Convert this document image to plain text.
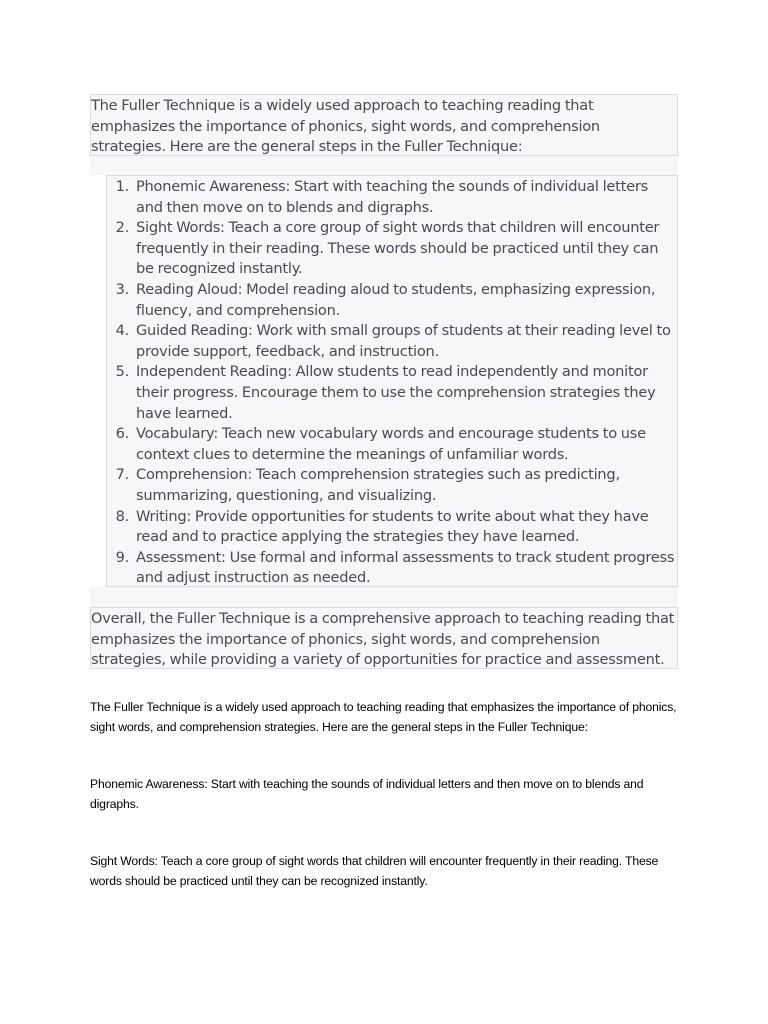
The Fuller Technique is a widely used approach to teaching reading that emphasizes the importance of phonics, sight words, and comprehension strategies. Here are the general steps in the Fuller Technique:

1. Phonemic Awareness: Start with teaching the sounds of individual letters and then move on to blends and digraphs.
2. Sight Words: Teach a core group of sight words that children will encounter frequently in their reading. These words should be practiced until they can be recognized instantly.
3. Reading Aloud: Model reading aloud to students, emphasizing expression, fluency, and comprehension.
4. Guided Reading: Work with small groups of students at their reading level to provide support, feedback, and instruction.
5. Independent Reading: Allow students to read independently and monitor their progress. Encourage them to use the comprehension strategies they have learned.
6. Vocabulary: Teach new vocabulary words and encourage students to use context clues to determine the meanings of unfamiliar words.
7. Comprehension: Teach comprehension strategies such as predicting, summarizing, questioning, and visualizing.
8. Writing: Provide opportunities for students to write about what they have read and to practice applying the strategies they have learned.
9. Assessment: Use formal and informal assessments to track student progress and adjust instruction as needed.

Overall, the Fuller Technique is a comprehensive approach to teaching reading that emphasizes the importance of phonics, sight words, and comprehension strategies, while providing a variety of opportunities for practice and assessment.

The Fuller Technique is a widely used approach to teaching reading that emphasizes the importance of phonics, sight words, and comprehension strategies. Here are the general steps in the Fuller Technique:

Phonemic Awareness: Start with teaching the sounds of individual letters and then move on to blends and digraphs.

Sight Words: Teach a core group of sight words that children will encounter frequently in their reading. These words should be practiced until they can be recognized instantly.
